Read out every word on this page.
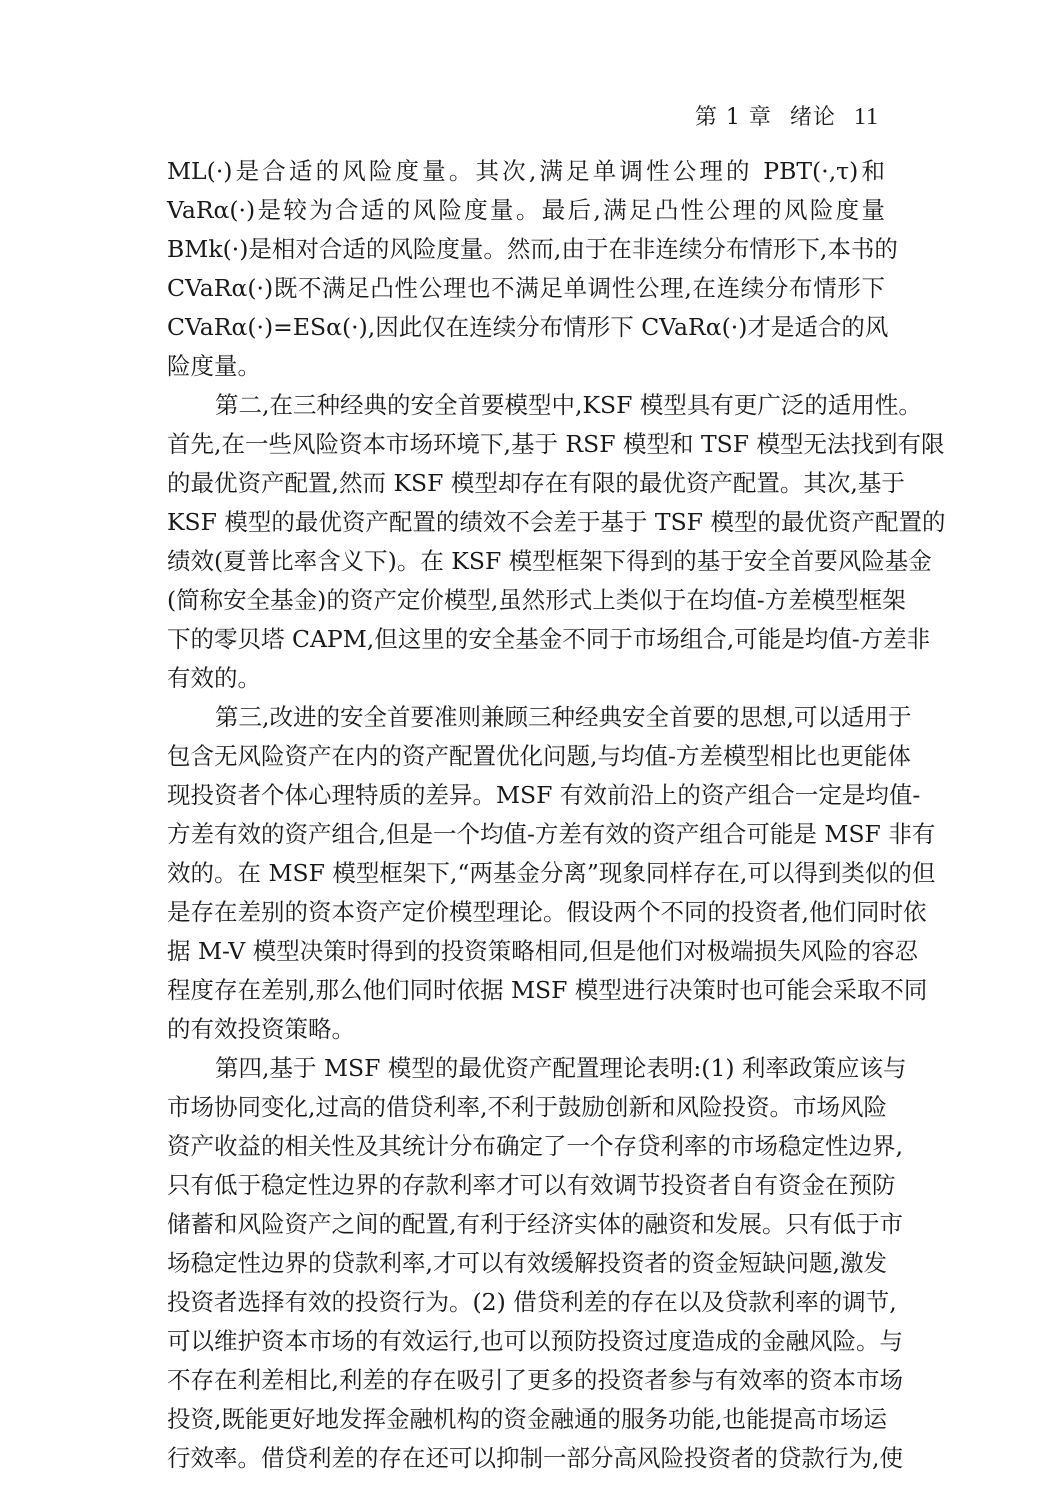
第 1 章 绪论 11
ML(·)是合适的风险度量。其次,满足单调性公理的 PBT(·,τ)和
VaRα(·)是较为合适的风险度量。最后,满足凸性公理的风险度量
BMk(·)是相对合适的风险度量。然而,由于在非连续分布情形下,本书的
CVaRα(·)既不满足凸性公理也不满足单调性公理,在连续分布情形下
CVaRα(·)=ESα(·),因此仅在连续分布情形下 CVaRα(·)才是适合的风
险度量。
第二,在三种经典的安全首要模型中,KSF 模型具有更广泛的适用性。
首先,在一些风险资本市场环境下,基于 RSF 模型和 TSF 模型无法找到有限
的最优资产配置,然而 KSF 模型却存在有限的最优资产配置。其次,基于
KSF 模型的最优资产配置的绩效不会差于基于 TSF 模型的最优资产配置的
绩效(夏普比率含义下)。在 KSF 模型框架下得到的基于安全首要风险基金
(简称安全基金)的资产定价模型,虽然形式上类似于在均值-方差模型框架
下的零贝塔 CAPM,但这里的安全基金不同于市场组合,可能是均值-方差非
有效的。
第三,改进的安全首要准则兼顾三种经典安全首要的思想,可以适用于
包含无风险资产在内的资产配置优化问题,与均值-方差模型相比也更能体
现投资者个体心理特质的差异。MSF 有效前沿上的资产组合一定是均值-
方差有效的资产组合,但是一个均值-方差有效的资产组合可能是 MSF 非有
效的。在 MSF 模型框架下,“两基金分离”现象同样存在,可以得到类似的但
是存在差别的资本资产定价模型理论。假设两个不同的投资者,他们同时依
据 M-V 模型决策时得到的投资策略相同,但是他们对极端损失风险的容忍
程度存在差别,那么他们同时依据 MSF 模型进行决策时也可能会采取不同
的有效投资策略。
第四,基于 MSF 模型的最优资产配置理论表明:(1) 利率政策应该与
市场协同变化,过高的借贷利率,不利于鼓励创新和风险投资。市场风险
资产收益的相关性及其统计分布确定了一个存贷利率的市场稳定性边界,
只有低于稳定性边界的存款利率才可以有效调节投资者自有资金在预防
储蓄和风险资产之间的配置,有利于经济实体的融资和发展。只有低于市
场稳定性边界的贷款利率,才可以有效缓解投资者的资金短缺问题,激发
投资者选择有效的投资行为。(2) 借贷利差的存在以及贷款利率的调节,
可以维护资本市场的有效运行,也可以预防投资过度造成的金融风险。与
不存在利差相比,利差的存在吸引了更多的投资者参与有效率的资本市场
投资,既能更好地发挥金融机构的资金融通的服务功能,也能提高市场运
行效率。借贷利差的存在还可以抑制一部分高风险投资者的贷款行为,使
